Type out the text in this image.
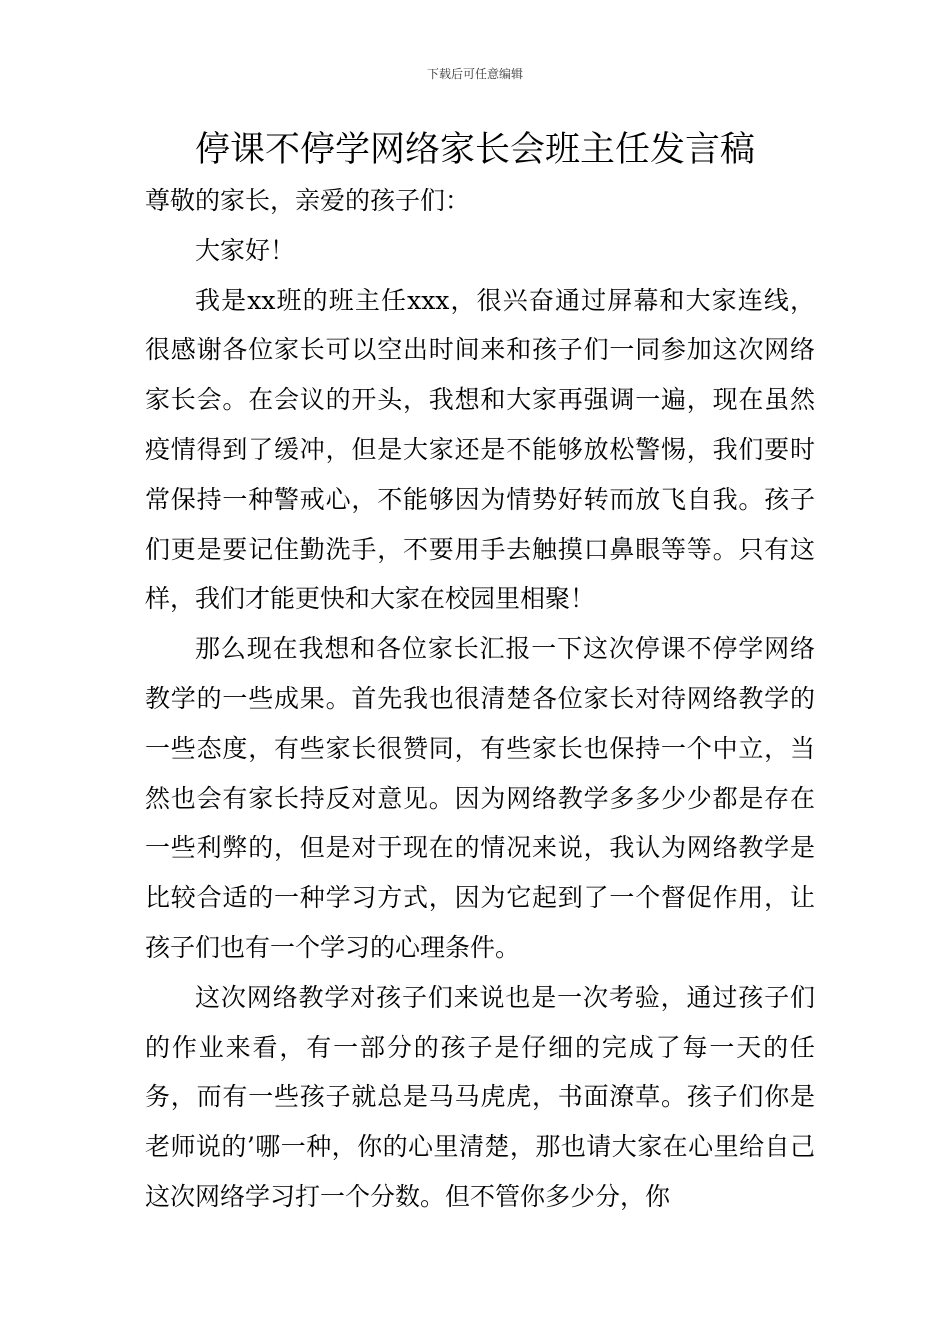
下载后可任意编辑
停课不停学网络家长会班主任发言稿

尊敬的家长，亲爱的孩子们：

大家好！

我是xx班的班主任xxx，很兴奋通过屏幕和大家连线，很感谢各位家长可以空出时间来和孩子们一同参加这次网络家长会。在会议的开头，我想和大家再强调一遍，现在虽然疫情得到了缓冲，但是大家还是不能够放松警惕，我们要时常保持一种警戒心，不能够因为情势好转而放飞自我。孩子们更是要记住勤洗手，不要用手去触摸口鼻眼等等。只有这样，我们才能更快和大家在校园里相聚！

那么现在我想和各位家长汇报一下这次停课不停学网络教学的一些成果。首先我也很清楚各位家长对待网络教学的一些态度，有些家长很赞同，有些家长也保持一个中立，当然也会有家长持反对意见。因为网络教学多多少少都是存在一些利弊的，但是对于现在的情况来说，我认为网络教学是比较合适的一种学习方式，因为它起到了一个督促作用，让孩子们也有一个学习的心理条件。

这次网络教学对孩子们来说也是一次考验，通过孩子们的作业来看，有一部分的孩子是仔细的完成了每一天的任务，而有一些孩子就总是马马虎虎，书面潦草。孩子们你是老师说的’哪一种，你的心里清楚，那也请大家在心里给自己这次网络学习打一个分数。但不管你多少分，你
